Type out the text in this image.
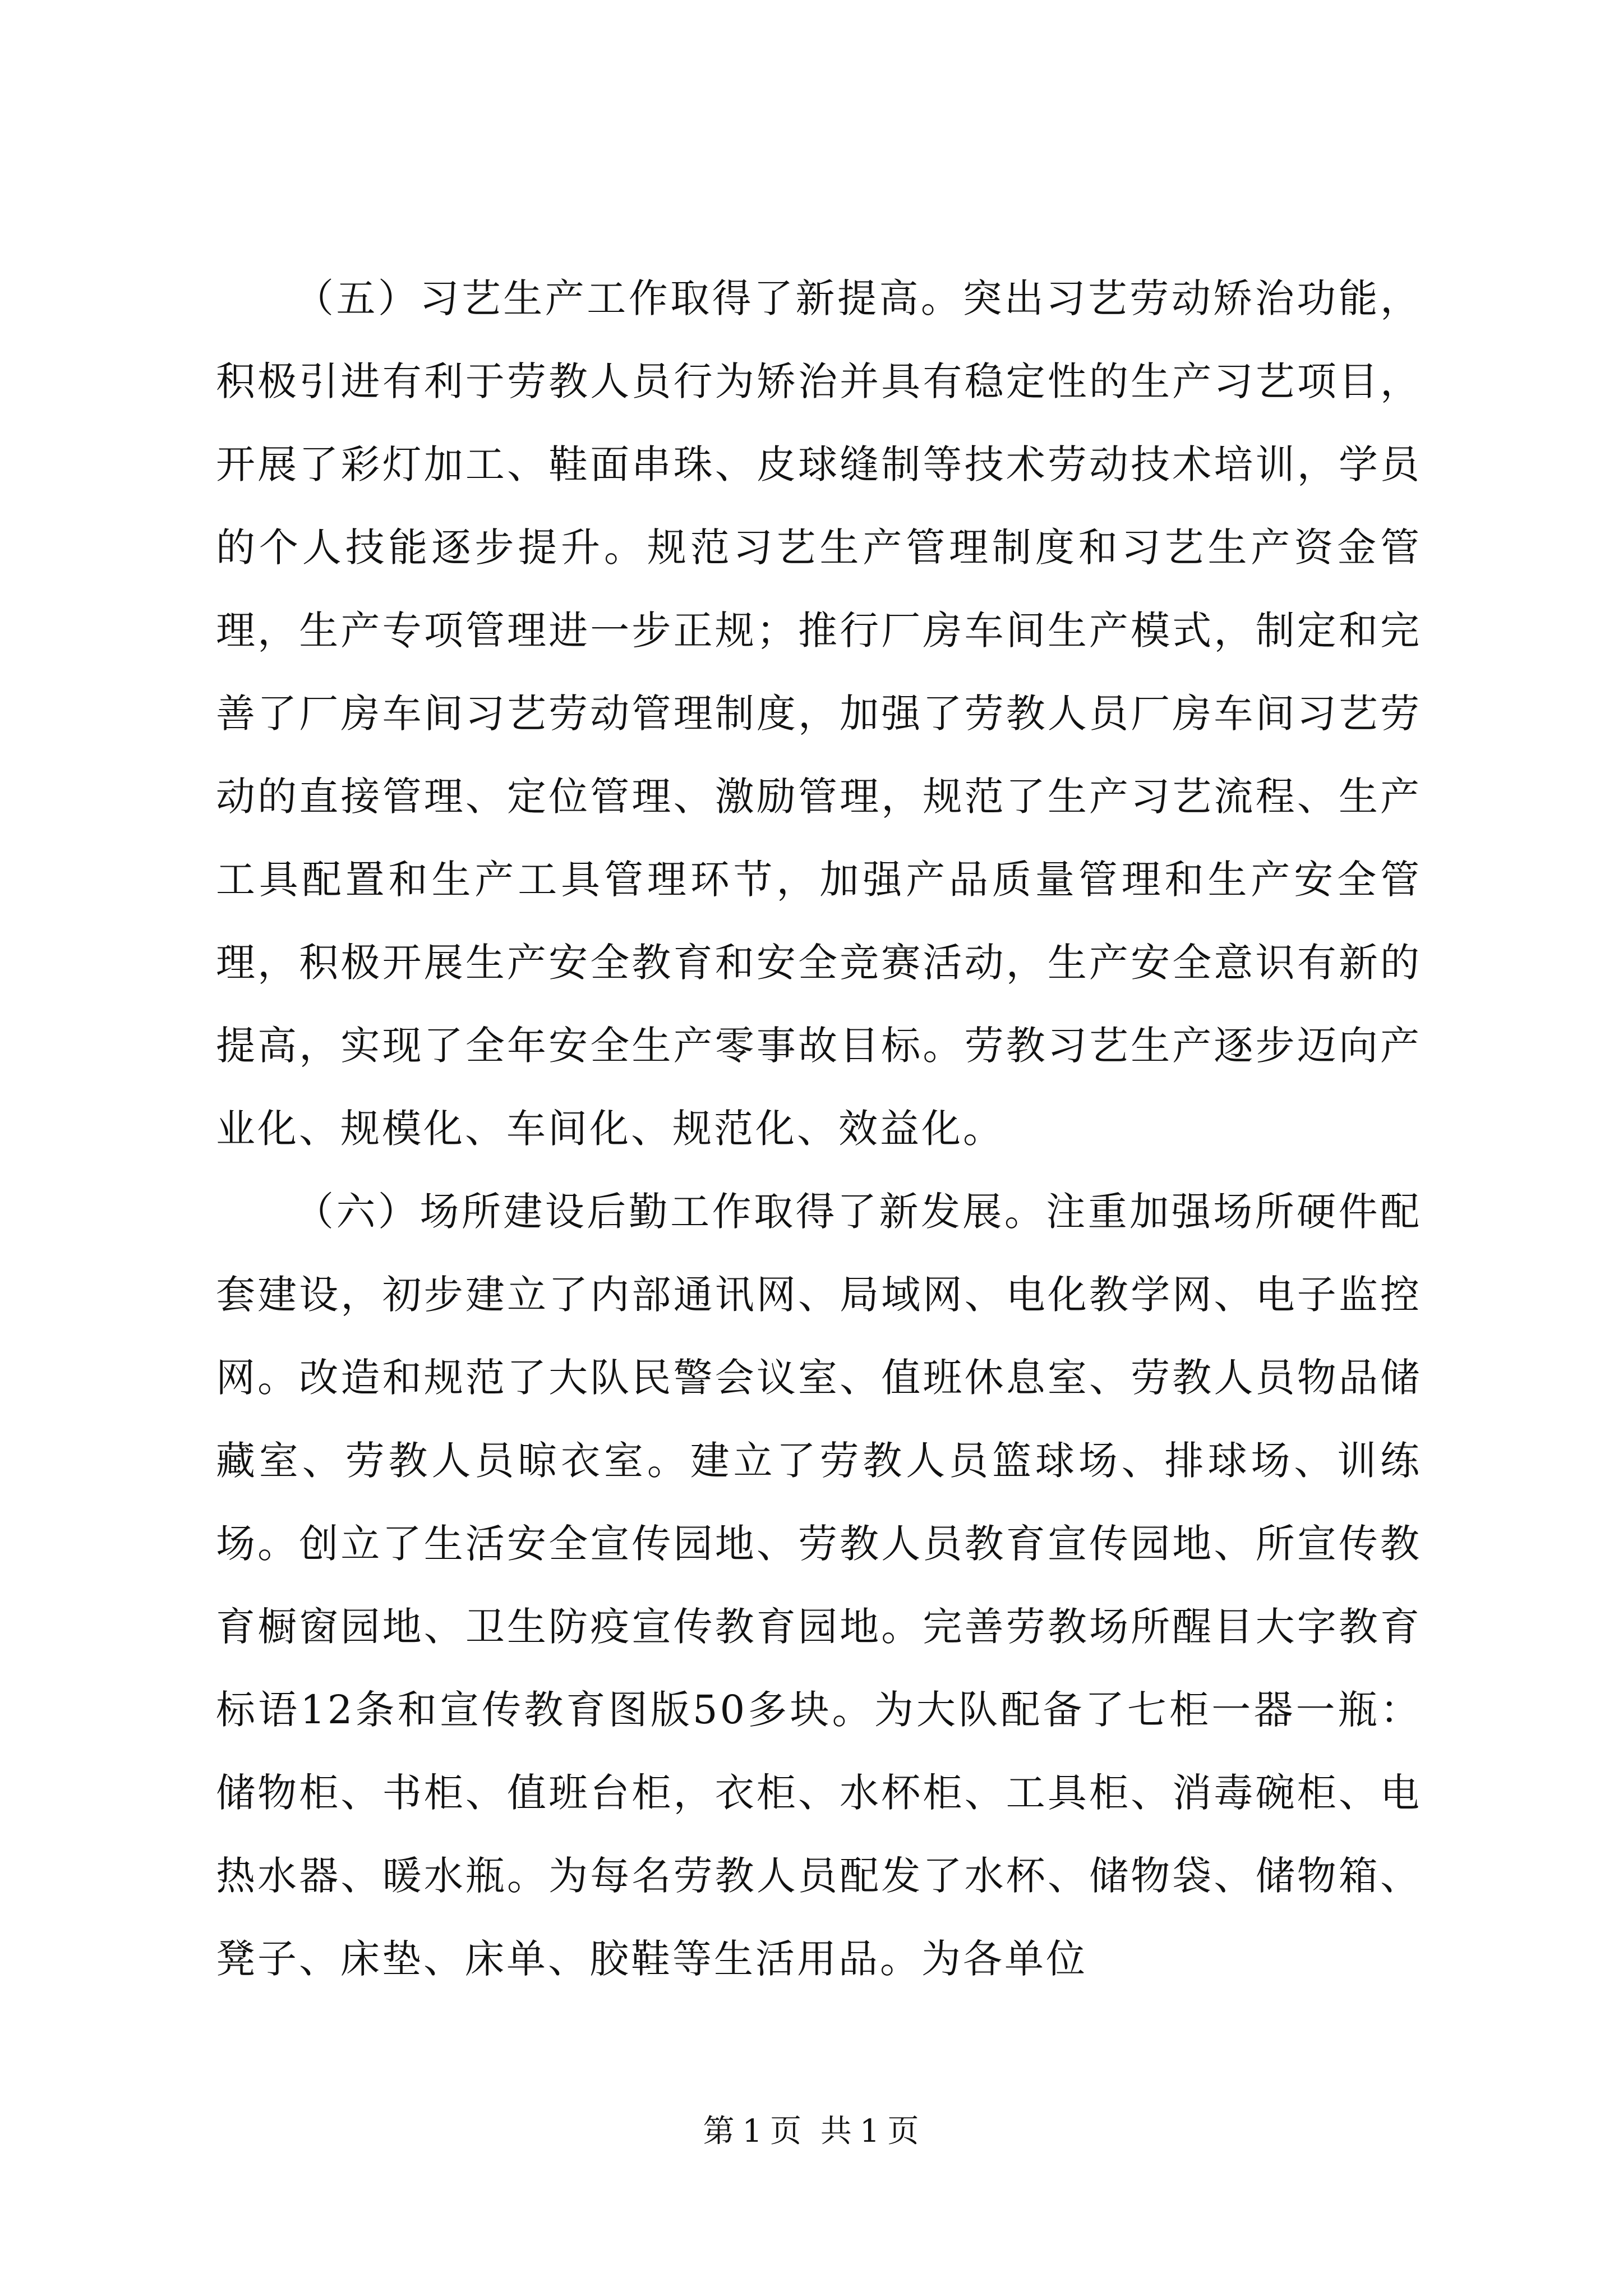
（五）习艺生产工作取得了新提高。突出习艺劳动矫治功能，积极引进有利于劳教人员行为矫治并具有稳定性的生产习艺项目，开展了彩灯加工、鞋面串珠、皮球缝制等技术劳动技术培训，学员的个人技能逐步提升。规范习艺生产管理制度和习艺生产资金管理，生产专项管理进一步正规；推行厂房车间生产模式，制定和完善了厂房车间习艺劳动管理制度，加强了劳教人员厂房车间习艺劳动的直接管理、定位管理、激励管理，规范了生产习艺流程、生产工具配置和生产工具管理环节，加强产品质量管理和生产安全管理，积极开展生产安全教育和安全竞赛活动，生产安全意识有新的提高，实现了全年安全生产零事故目标。劳教习艺生产逐步迈向产业化、规模化、车间化、规范化、效益化。

（六）场所建设后勤工作取得了新发展。注重加强场所硬件配套建设，初步建立了内部通讯网、局域网、电化教学网、电子监控网。改造和规范了大队民警会议室、值班休息室、劳教人员物品储藏室、劳教人员晾衣室。建立了劳教人员篮球场、排球场、训练场。创立了生活安全宣传园地、劳教人员教育宣传园地、所宣传教育橱窗园地、卫生防疫宣传教育园地。完善劳教场所醒目大字教育标语12条和宣传教育图版50多块。为大队配备了七柜一器一瓶：储物柜、书柜、值班台柜，衣柜、水杯柜、工具柜、消毒碗柜、电热水器、暖水瓶。为每名劳教人员配发了水杯、储物袋、储物箱、凳子、床垫、床单、胶鞋等生活用品。为各单位

第 1 页 共 1 页
